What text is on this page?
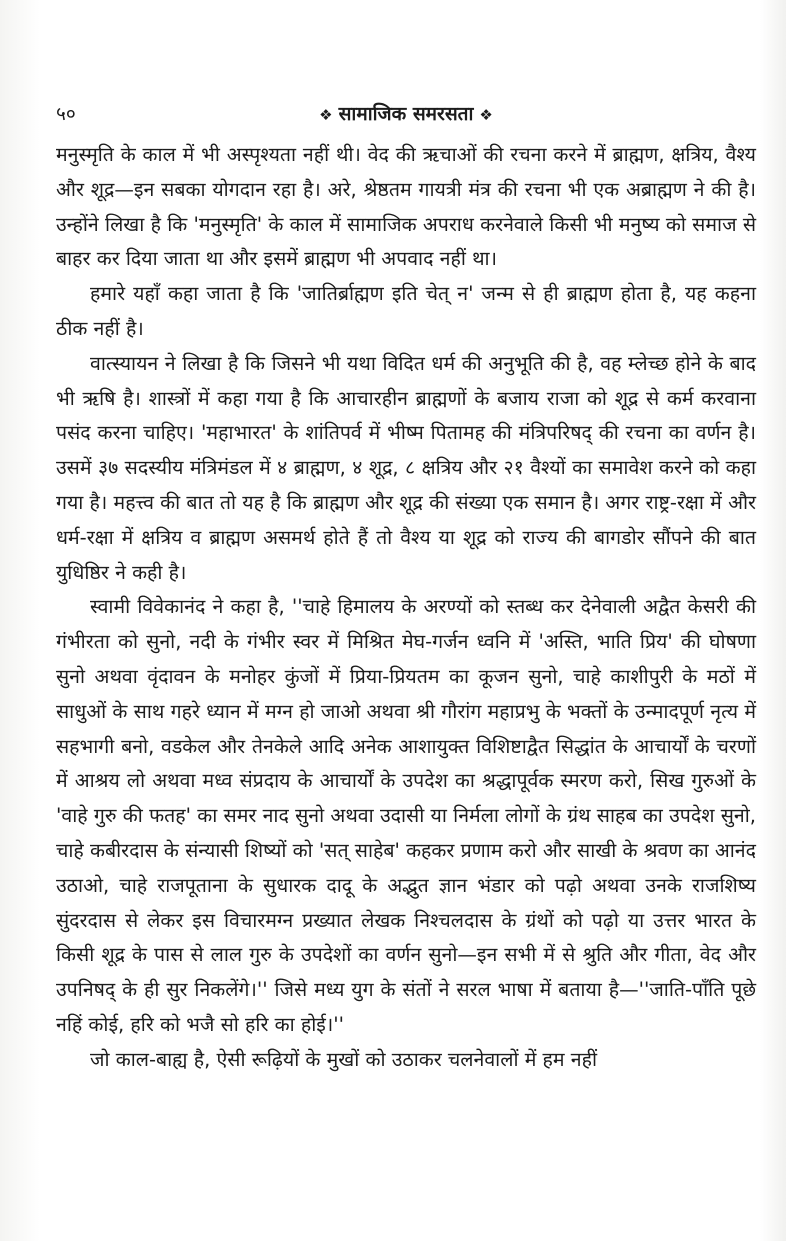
५०	❖ सामाजिक समरसता ❖

मनुस्मृति के काल में भी अस्पृश्यता नहीं थी। वेद की ऋचाओं की रचना करने में ब्राह्मण, क्षत्रिय, वैश्य और शूद्र—इन सबका योगदान रहा है। अरे, श्रेष्ठतम गायत्री मंत्र की रचना भी एक अब्राह्मण ने की है। उन्होंने लिखा है कि 'मनुस्मृति' के काल में सामाजिक अपराध करनेवाले किसी भी मनुष्य को समाज से बाहर कर दिया जाता था और इसमें ब्राह्मण भी अपवाद नहीं था।

हमारे यहाँ कहा जाता है कि 'जातिर्ब्राह्मण इति चेत् न' जन्म से ही ब्राह्मण होता है, यह कहना ठीक नहीं है।

वात्स्यायन ने लिखा है कि जिसने भी यथा विदित धर्म की अनुभूति की है, वह म्लेच्छ होने के बाद भी ऋषि है। शास्त्रों में कहा गया है कि आचारहीन ब्राह्मणों के बजाय राजा को शूद्र से कर्म करवाना पसंद करना चाहिए। 'महाभारत' के शांतिपर्व में भीष्म पितामह की मंत्रिपरिषद् की रचना का वर्णन है। उसमें ३७ सदस्यीय मंत्रिमंडल में ४ ब्राह्मण, ४ शूद्र, ८ क्षत्रिय और २१ वैश्यों का समावेश करने को कहा गया है। महत्त्व की बात तो यह है कि ब्राह्मण और शूद्र की संख्या एक समान है। अगर राष्ट्र-रक्षा में और धर्म-रक्षा में क्षत्रिय व ब्राह्मण असमर्थ होते हैं तो वैश्य या शूद्र को राज्य की बागडोर सौंपने की बात युधिष्ठिर ने कही है।

स्वामी विवेकानंद ने कहा है, ''चाहे हिमालय के अरण्यों को स्तब्ध कर देनेवाली अद्वैत केसरी की गंभीरता को सुनो, नदी के गंभीर स्वर में मिश्रित मेघ-गर्जन ध्वनि में 'अस्ति, भाति प्रिय' की घोषणा सुनो अथवा वृंदावन के मनोहर कुंजों में प्रिया-प्रियतम का कूजन सुनो, चाहे काशीपुरी के मठों में साधुओं के साथ गहरे ध्यान में मग्न हो जाओ अथवा श्री गौरांग महाप्रभु के भक्तों के उन्मादपूर्ण नृत्य में सहभागी बनो, वडकेल और तेनकेले आदि अनेक आशायुक्त विशिष्टाद्वैत सिद्धांत के आचार्यों के चरणों में आश्रय लो अथवा मध्व संप्रदाय के आचार्यों के उपदेश का श्रद्धापूर्वक स्मरण करो, सिख गुरुओं के 'वाहे गुरु की फतह' का समर नाद सुनो अथवा उदासी या निर्मला लोगों के ग्रंथ साहब का उपदेश सुनो, चाहे कबीरदास के संन्यासी शिष्यों को 'सत् साहेब' कहकर प्रणाम करो और साखी के श्रवण का आनंद उठाओ, चाहे राजपूताना के सुधारक दादू के अद्भुत ज्ञान भंडार को पढ़ो अथवा उनके राजशिष्य सुंदरदास से लेकर इस विचारमग्न प्रख्यात लेखक निश्चलदास के ग्रंथों को पढ़ो या उत्तर भारत के किसी शूद्र के पास से लाल गुरु के उपदेशों का वर्णन सुनो—इन सभी में से श्रुति और गीता, वेद और उपनिषद् के ही सुर निकलेंगे।'' जिसे मध्य युग के संतों ने सरल भाषा में बताया है—''जाति-पाँति पूछे नहिं कोई, हरि को भजै सो हरि का होई।''

जो काल-बाह्य है, ऐसी रूढ़ियों के मुखों को उठाकर चलनेवालों में हम नहीं
